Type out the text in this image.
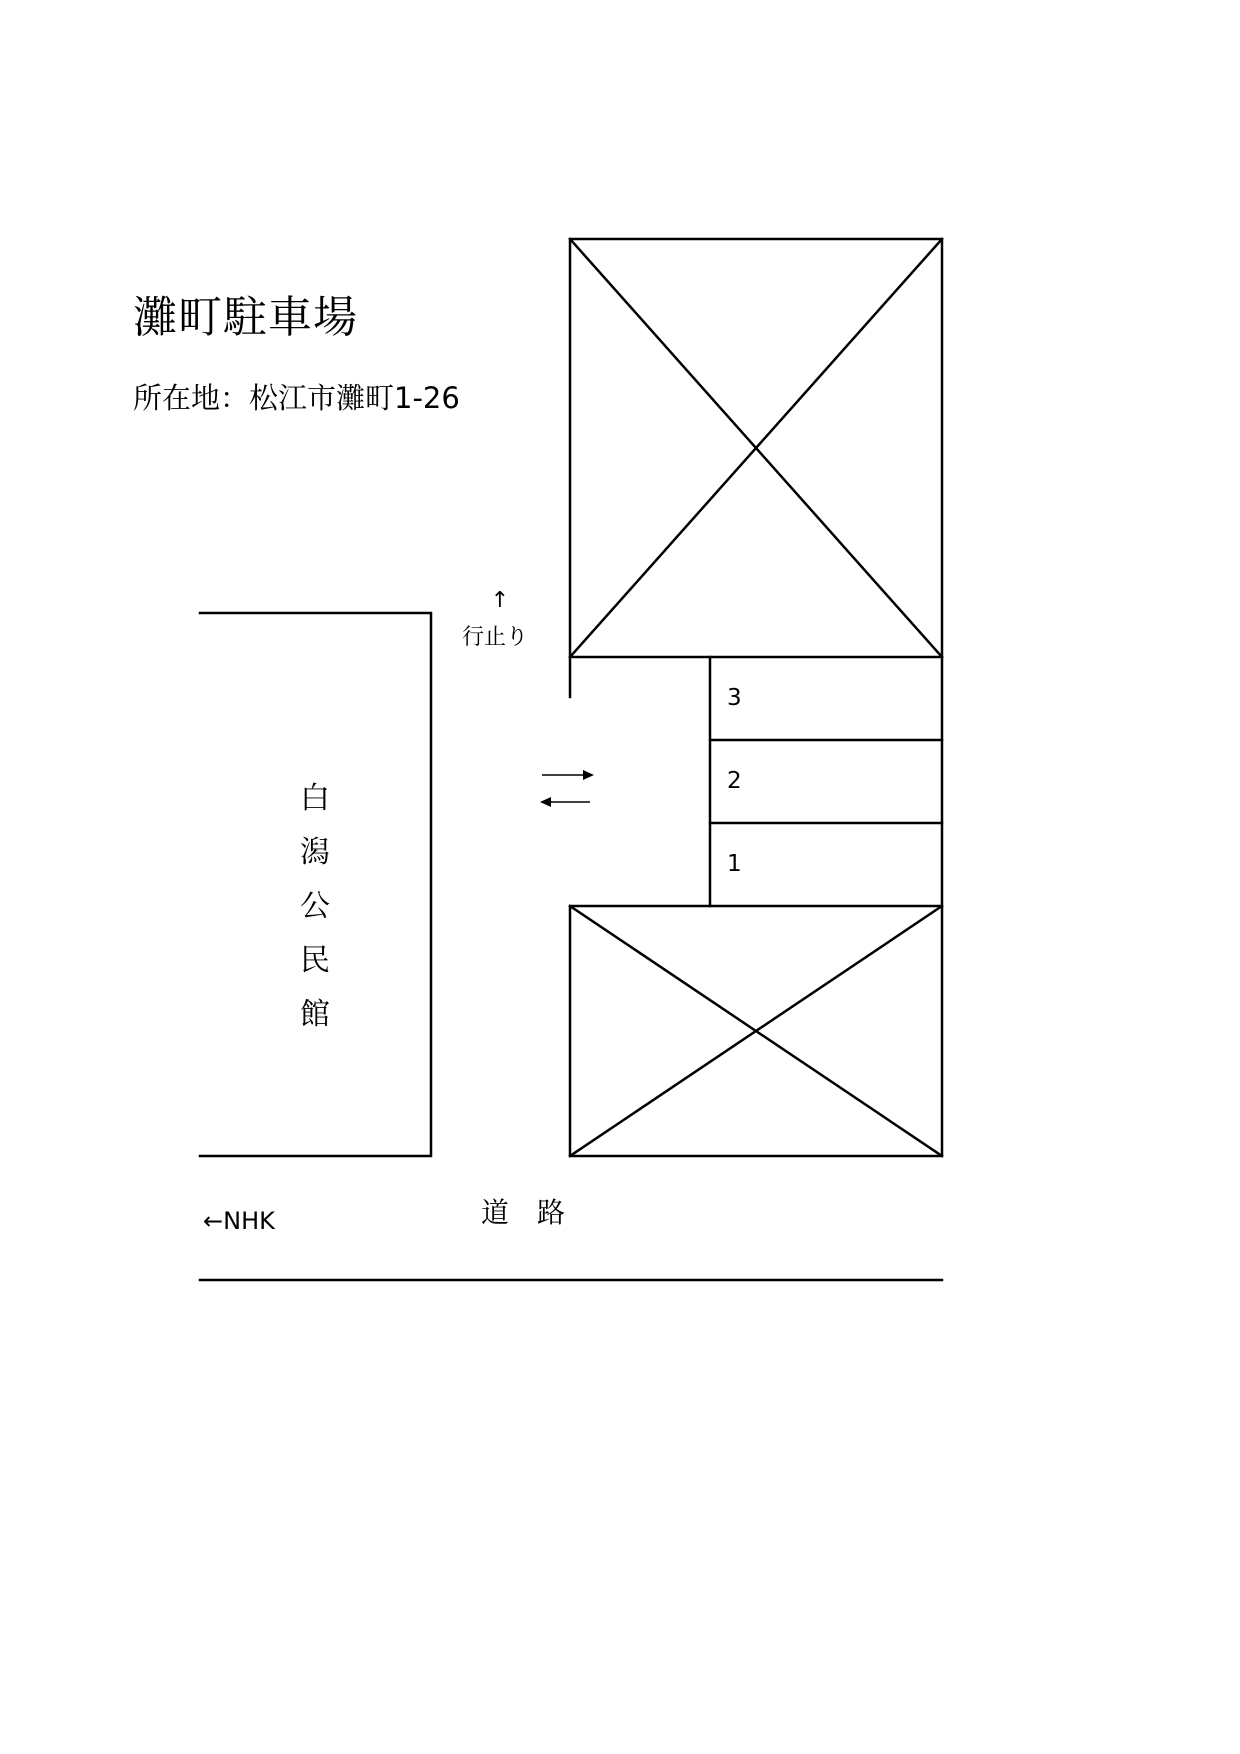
灘町駐車場
所在地：松江市灘町1-26
白潟公民館
↑
行止り
3
2
1
←NHK	道路
